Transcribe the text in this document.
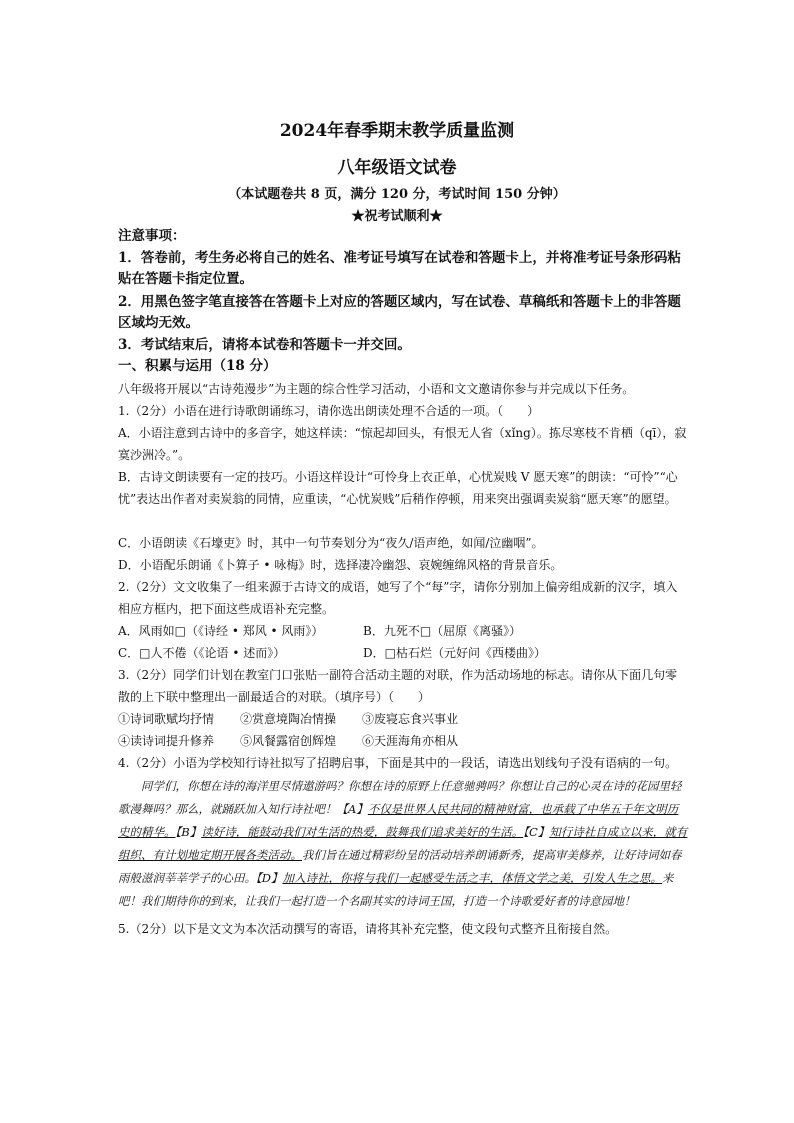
2024年春季期末教学质量监测
八年级语文试卷
（本试题卷共 8 页，满分 120 分，考试时间 150 分钟）
★祝考试顺利★
注意事项：
1．答卷前，考生务必将自己的姓名、准考证号填写在试卷和答题卡上，并将准考证号条形码粘贴在答题卡指定位置。
2．用黑色签字笔直接答在答题卡上对应的答题区域内，写在试卷、草稿纸和答题卡上的非答题区域均无效。
3．考试结束后，请将本试卷和答题卡一并交回。
一、积累与运用（18 分）
八年级将开展以“古诗苑漫步”为主题的综合性学习活动，小语和文文邀请你参与并完成以下任务。
1.（2分）小语在进行诗歌朗诵练习，请你选出朗读处理不合适的一项。（　　）
A．小语注意到古诗中的多音字，她这样读：“惊起却回头，有恨无人省（xǐng）。拣尽寒枝不肯栖（qī），寂寞沙洲冷。”。
B．古诗文朗读要有一定的技巧。小语这样设计“可怜身上衣正单，心忧炭贱 V 愿天寒”的朗读：“可怜”“心忧”表达出作者对卖炭翁的同情，应重读，“心忧炭贱”后稍作停顿，用来突出强调卖炭翁“愿天寒”的愿望。
C．小语朗读《石壕吏》时，其中一句节奏划分为“夜久/语声绝，如闻/泣幽咽”。
D．小语配乐朗诵《卜算子 • 咏梅》时，选择凄冷幽怨、哀婉缠绵风格的背景音乐。
2.（2分）文文收集了一组来源于古诗文的成语，她写了个“每”字，请你分别加上偏旁组成新的汉字，填入相应方框内，把下面这些成语补充完整。
A．风雨如□（《诗经 • 郑风 • 风雨》）	B．九死不□（屈原《离骚》）
C．□人不倦（《论语 • 述而》）	D．□枯石烂（元好问《西楼曲》）
3.（2分）同学们计划在教室门口张贴一副符合活动主题的对联，作为活动场地的标志。请你从下面几句零散的上下联中整理出一副最适合的对联。（填序号）（　　）
①诗词歌赋均抒情 ②赏意境陶冶情操 ③废寝忘食兴事业
④读诗词提升修养 ⑤风餐露宿创辉煌 ⑥天涯海角亦相从
4.（2分）小语为学校知行诗社拟写了招聘启事，下面是其中的一段话，请选出划线句子没有语病的一句。
同学们，你想在诗的海洋里尽情遨游吗？你想在诗的原野上任意驰骋吗？你想让自己的心灵在诗的花园里轻歌漫舞吗？那么，就踊跃加入知行诗社吧！【A】不仅是世界人民共同的精神财富，也承载了中华五千年文明历史的精华。【B】读好诗，能鼓动我们对生活的热爱，鼓舞我们追求美好的生活。【C】知行诗社自成立以来，就有组织、有计划地定期开展各类活动。我们旨在通过精彩纷呈的活动培养朗诵新秀，提高审美修养，让好诗词如春雨般滋润莘莘学子的心田。【D】加入诗社，你将与我们一起感受生活之丰，体悟文学之美，引发人生之思。来吧！我们期待你的到来，让我们一起打造一个名副其实的诗词王国，打造一个诗歌爱好者的诗意园地！
5.（2分）以下是文文为本次活动撰写的寄语，请将其补充完整，使文段句式整齐且衔接自然。
